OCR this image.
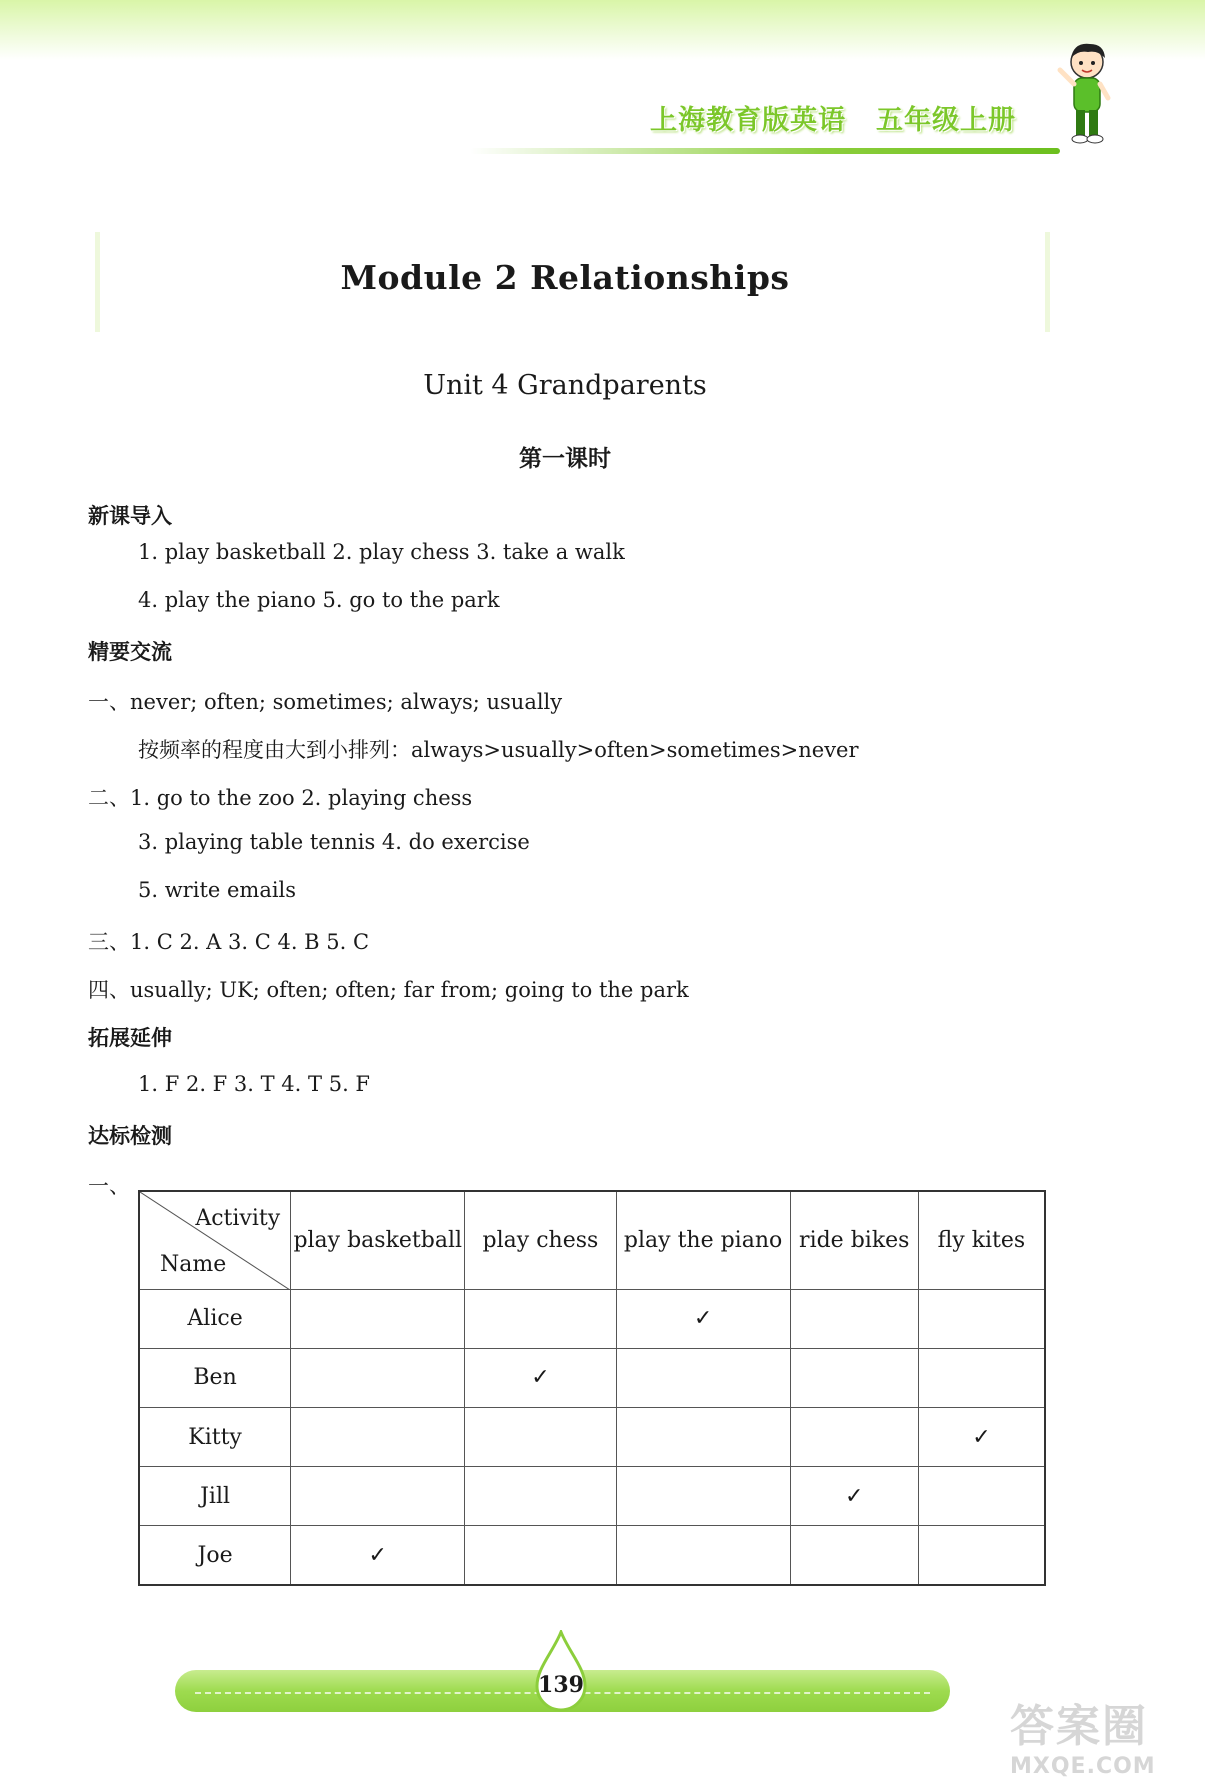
上海教育版英语 五年级上册
Module 2 Relationships
Unit 4 Grandparents
第一课时
新课导入
1. play basketball 2. play chess 3. take a walk
4. play the piano 5. go to the park
精要交流
一、never; often; sometimes; always; usually
按频率的程度由大到小排列：always>usually>often>sometimes>never
二、1. go to the zoo 2. playing chess
3. playing table tennis 4. do exercise
5. write emails
三、1. C 2. A 3. C 4. B 5. C
四、usually; UK; often; often; far from; going to the park
拓展延伸
1. F 2. F 3. T 4. T 5. F
达标检测
一、
Activity
Name	play basketball	play chess	play the piano	ride bikes	fly kites
Alice			✓		
Ben		✓			
Kitty					✓
Jill				✓	
Joe	✓				
139
答案圈
MXQE.COM
